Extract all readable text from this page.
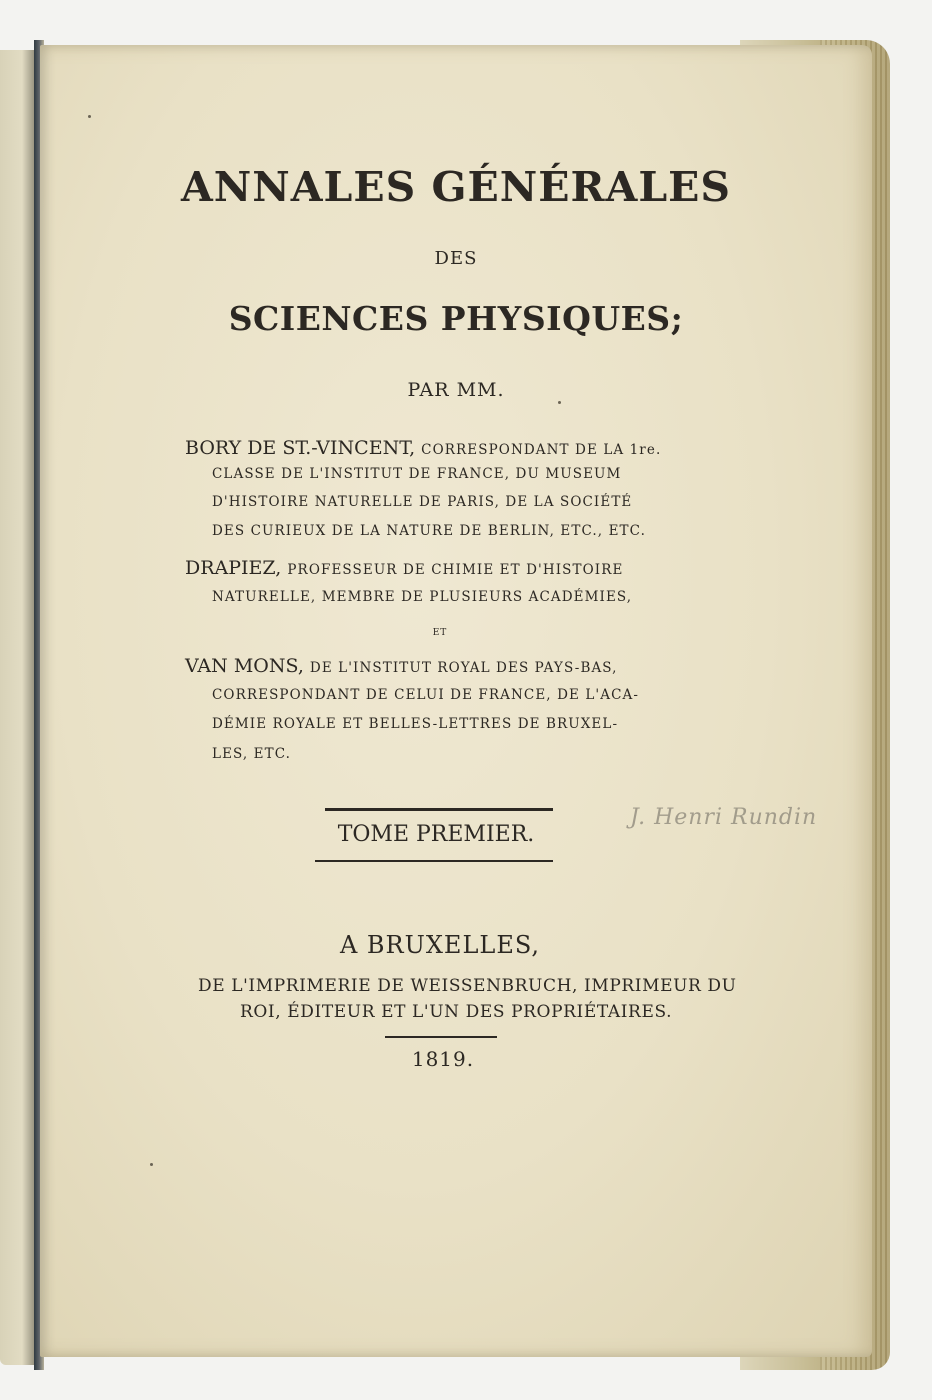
ANNALES GÉNÉRALES

DES

SCIENCES PHYSIQUES;

PAR MM.

BORY DE ST.-VINCENT, CORRESPONDANT DE LA 1re.

CLASSE DE L'INSTITUT DE FRANCE, DU MUSEUM

D'HISTOIRE NATURELLE DE PARIS, DE LA SOCIÉTÉ

DES CURIEUX DE LA NATURE DE BERLIN, ETC., ETC.

DRAPIEZ, PROFESSEUR DE CHIMIE ET D'HISTOIRE

NATURELLE, MEMBRE DE PLUSIEURS ACADÉMIES,

ET

VAN MONS, DE L'INSTITUT ROYAL DES PAYS-BAS,

CORRESPONDANT DE CELUI DE FRANCE, DE L'ACA-

DÉMIE ROYALE ET BELLES-LETTRES DE BRUXEL-

LES, ETC.

TOME PREMIER.

J. Henri Rundin

A BRUXELLES,

DE L'IMPRIMERIE DE WEISSENBRUCH, IMPRIMEUR DU

ROI, ÉDITEUR ET L'UN DES PROPRIÉTAIRES.

1819.
